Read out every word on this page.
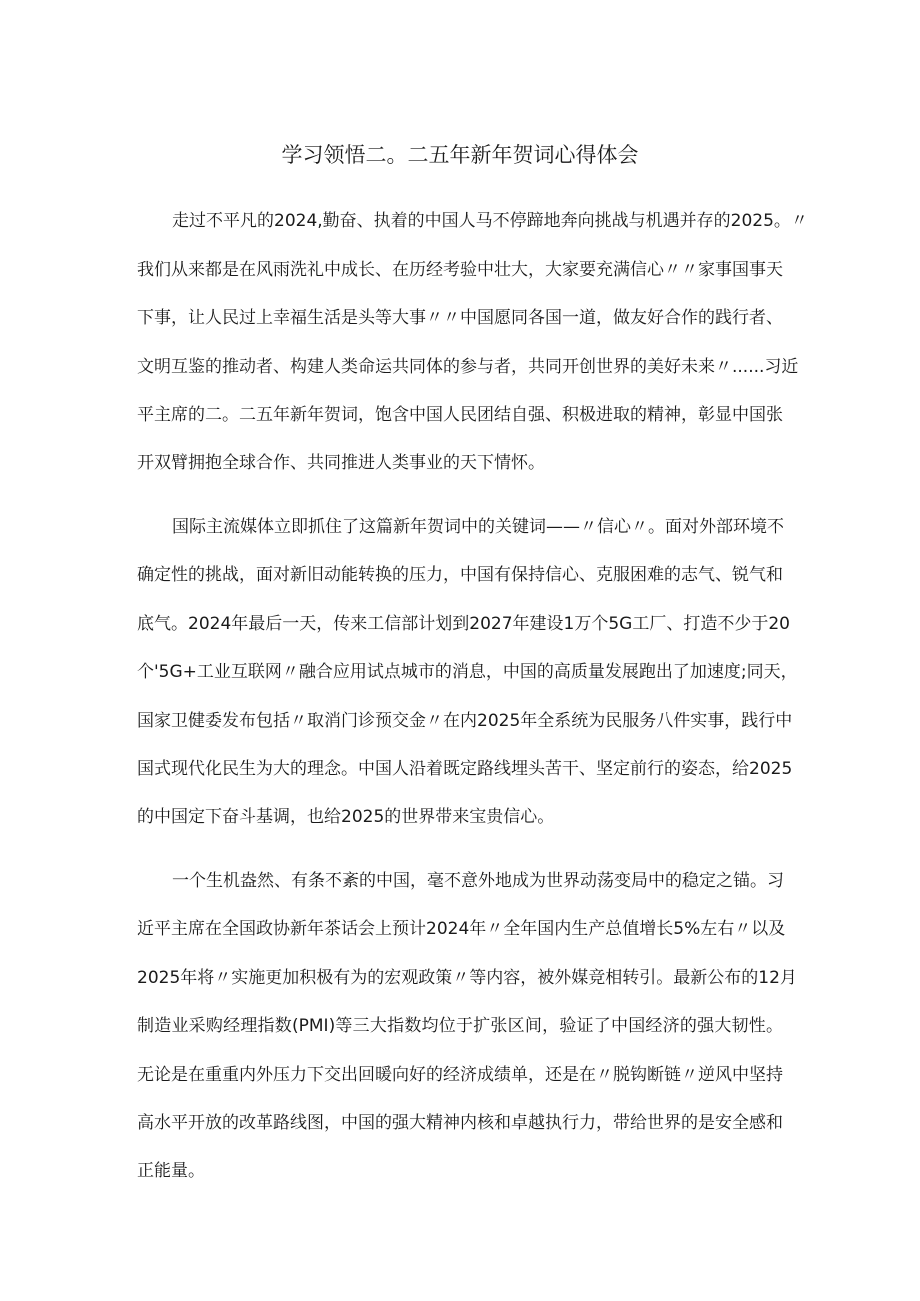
学习领悟二。二五年新年贺词心得体会
走过不平凡的2024,勤奋、执着的中国人马不停蹄地奔向挑战与机遇并存的2025。〃
我们从来都是在风雨洗礼中成长、在历经考验中壮大，大家要充满信心〃〃家事国事天
下事，让人民过上幸福生活是头等大事〃〃中国愿同各国一道，做友好合作的践行者、
文明互鉴的推动者、构建人类命运共同体的参与者，共同开创世界的美好未来〃......习近
平主席的二。二五年新年贺词，饱含中国人民团结自强、积极进取的精神，彰显中国张
开双臂拥抱全球合作、共同推进人类事业的天下情怀。
国际主流媒体立即抓住了这篇新年贺词中的关键词——〃信心〃。面对外部环境不
确定性的挑战，面对新旧动能转换的压力，中国有保持信心、克服困难的志气、锐气和
底气。2024年最后一天，传来工信部计划到2027年建设1万个5G工厂、打造不少于20
个'5G+工业互联网〃融合应用试点城市的消息，中国的高质量发展跑出了加速度;同天，
国家卫健委发布包括〃取消门诊预交金〃在内2025年全系统为民服务八件实事，践行中
国式现代化民生为大的理念。中国人沿着既定路线埋头苦干、坚定前行的姿态，给2025
的中国定下奋斗基调，也给2025的世界带来宝贵信心。
一个生机盎然、有条不紊的中国，毫不意外地成为世界动荡变局中的稳定之锚。习
近平主席在全国政协新年茶话会上预计2024年〃全年国内生产总值增长5%左右〃以及
2025年将〃实施更加积极有为的宏观政策〃等内容，被外媒竞相转引。最新公布的12月
制造业采购经理指数(PMI)等三大指数均位于扩张区间，验证了中国经济的强大韧性。
无论是在重重内外压力下交出回暖向好的经济成绩单，还是在〃脱钩断链〃逆风中坚持
高水平开放的改革路线图，中国的强大精神内核和卓越执行力，带给世界的是安全感和
正能量。
